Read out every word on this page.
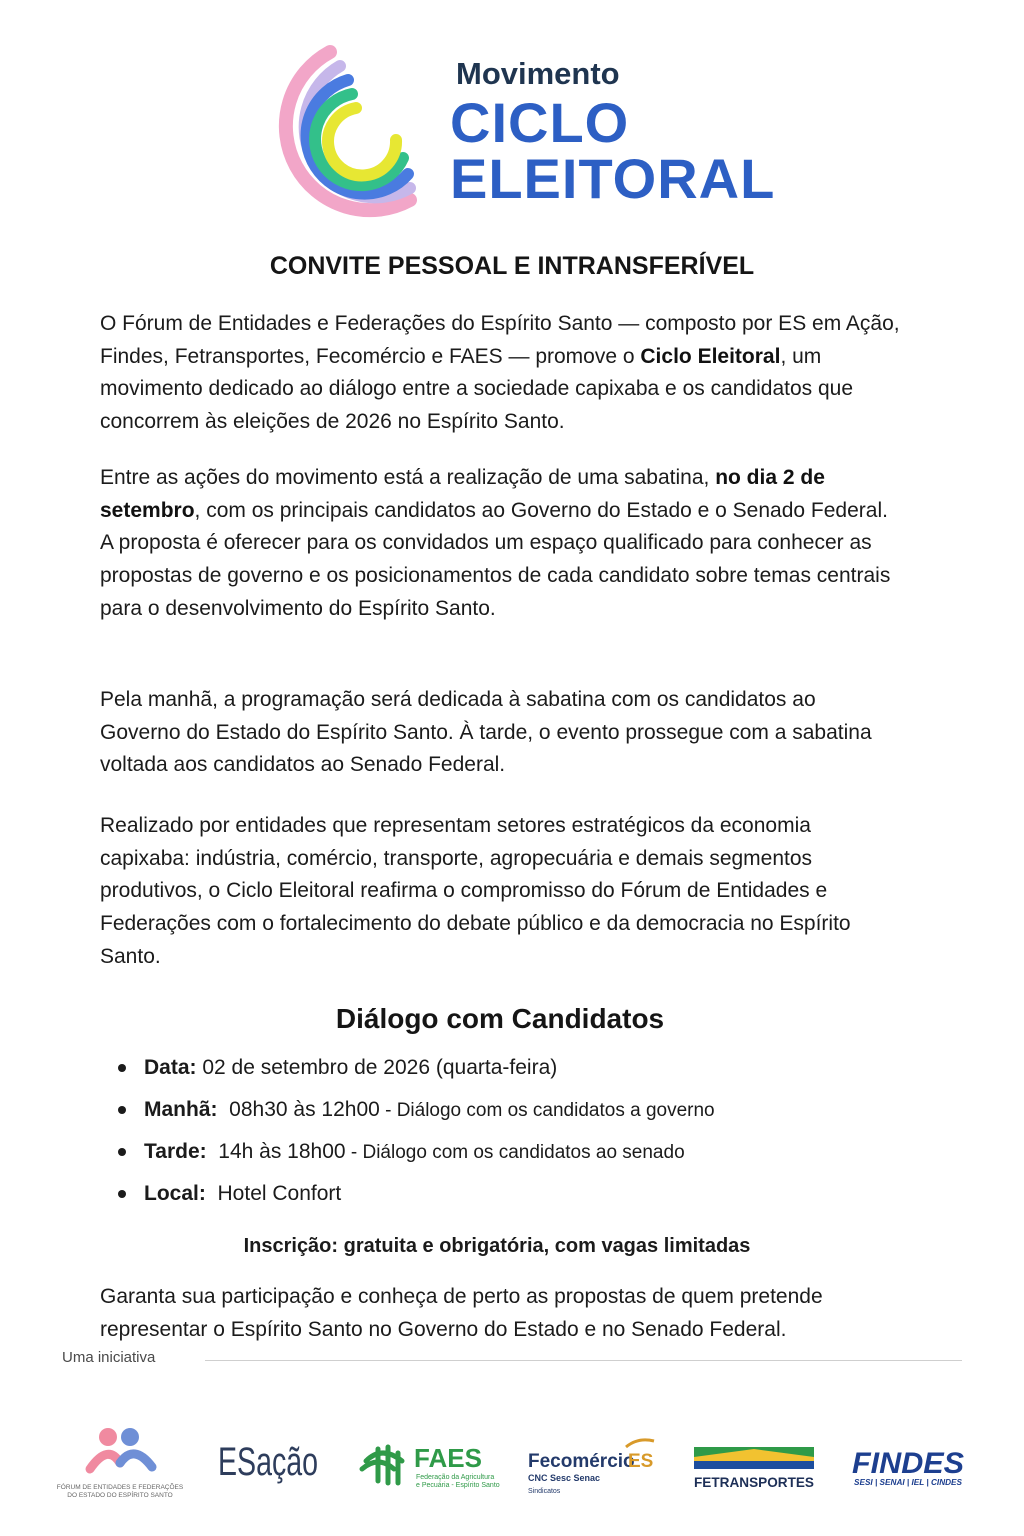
Movimento
CICLO
ELEITORAL
CONVITE PESSOAL E INTRANSFERÍVEL
O Fórum de Entidades e Federações do Espírito Santo — composto por ES em Ação, Findes, Fetransportes, Fecomércio e FAES — promove o Ciclo Eleitoral, um movimento dedicado ao diálogo entre a sociedade capixaba e os candidatos que concorrem às eleições de 2026 no Espírito Santo.
Entre as ações do movimento está a realização de uma sabatina, no dia 2 de setembro, com os principais candidatos ao Governo do Estado e o Senado Federal. A proposta é oferecer para os convidados um espaço qualificado para conhecer as propostas de governo e os posicionamentos de cada candidato sobre temas centrais para o desenvolvimento do Espírito Santo.
Pela manhã, a programação será dedicada à sabatina com os candidatos ao Governo do Estado do Espírito Santo. À tarde, o evento prossegue com a sabatina voltada aos candidatos ao Senado Federal.
Realizado por entidades que representam setores estratégicos da economia capixaba: indústria, comércio, transporte, agropecuária e demais segmentos produtivos, o Ciclo Eleitoral reafirma o compromisso do Fórum de Entidades e Federações com o fortalecimento do debate público e da democracia no Espírito Santo.
Diálogo com Candidatos
Data: 02 de setembro de 2026 (quarta-feira)
Manhã: 08h30 às 12h00 - Diálogo com os candidatos a governo
Tarde: 14h às 18h00 - Diálogo com os candidatos ao senado
Local: Hotel Confort
Inscrição: gratuita e obrigatória, com vagas limitadas
Garanta sua participação e conheça de perto as propostas de quem pretende representar o Espírito Santo no Governo do Estado e no Senado Federal.
Uma iniciativa
FÓRUM DE ENTIDADES E FEDERAÇÕES
DO ESTADO DO ESPÍRITO SANTO
ESação	FAES
Federação da Agricultura
e Pecuária - Espírito Santo
Fecomércio
ES
CNC Sesc Senac
Sindicatos
FETRANSPORTES
FINDES
SESI | SENAI | IEL | CINDES
